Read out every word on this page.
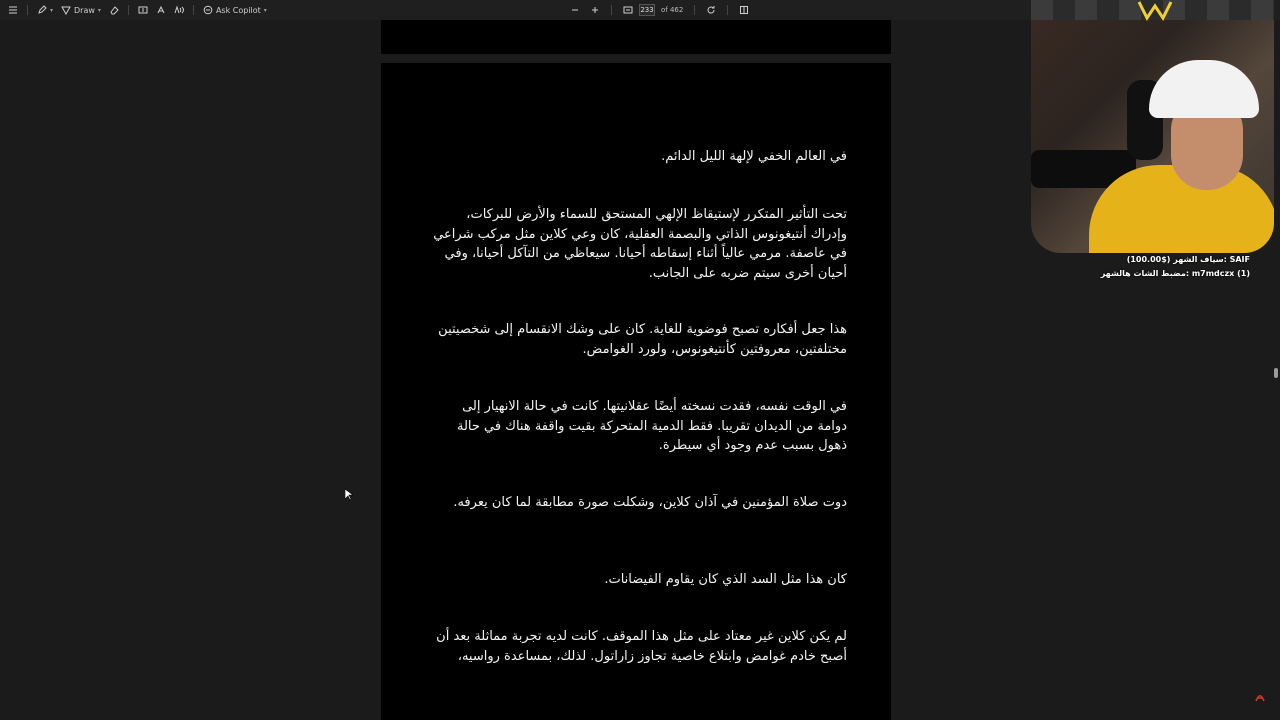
▾	Draw ▾	Ask Copilot ▾	233 of 462

في العالم الخفي لإلهة الليل الدائم.

تحت التأثير المتكرر لإستيقاظ الإلهي المستحق للسماء والأرض للبركات، وإدراك أنتيغونوس الذاتي والبصمة العقلية، كان وعي كلاين مثل مركب شراعي في عاصفة. مرمي عالياً أثناء إسقاطه أحيانا. سيعاظي من التآكل أحيانا، وفي أحيان أخرى سيتم ضربه على الجانب.

هذا جعل أفكاره تصبح فوضوية للغاية. كان على وشك الانقسام إلى شخصيتين مختلفتين، معروفتين كأنتيغونوس، ولورد الغوامض.

في الوقت نفسه، فقدت نسخته أيضًا عقلانيتها. كانت في حالة الانهيار إلى دوامة من الديدان تقريبا. فقط الدمية المتحركة بقيت واقفة هناك في حالة ذهول بسبب عدم وجود أي سيطرة.

دوت صلاة المؤمنين في آذان كلاين، وشكلت صورة مطابقة لما كان يعرفه.

كان هذا مثل السد الذي كان يقاوم الفيضانات.

لم يكن كلاين غير معتاد على مثل هذا الموقف. كانت لديه تجربة مماثلة بعد أن أصبح خادم غوامض وابتلاع خاصية تجاوز زاراتول. لذلك، بمساعدة رواسيه،

SAIF :سياف الشهر ($100.00)
m7mdczx (1) :مضبط الشات هالشهر
